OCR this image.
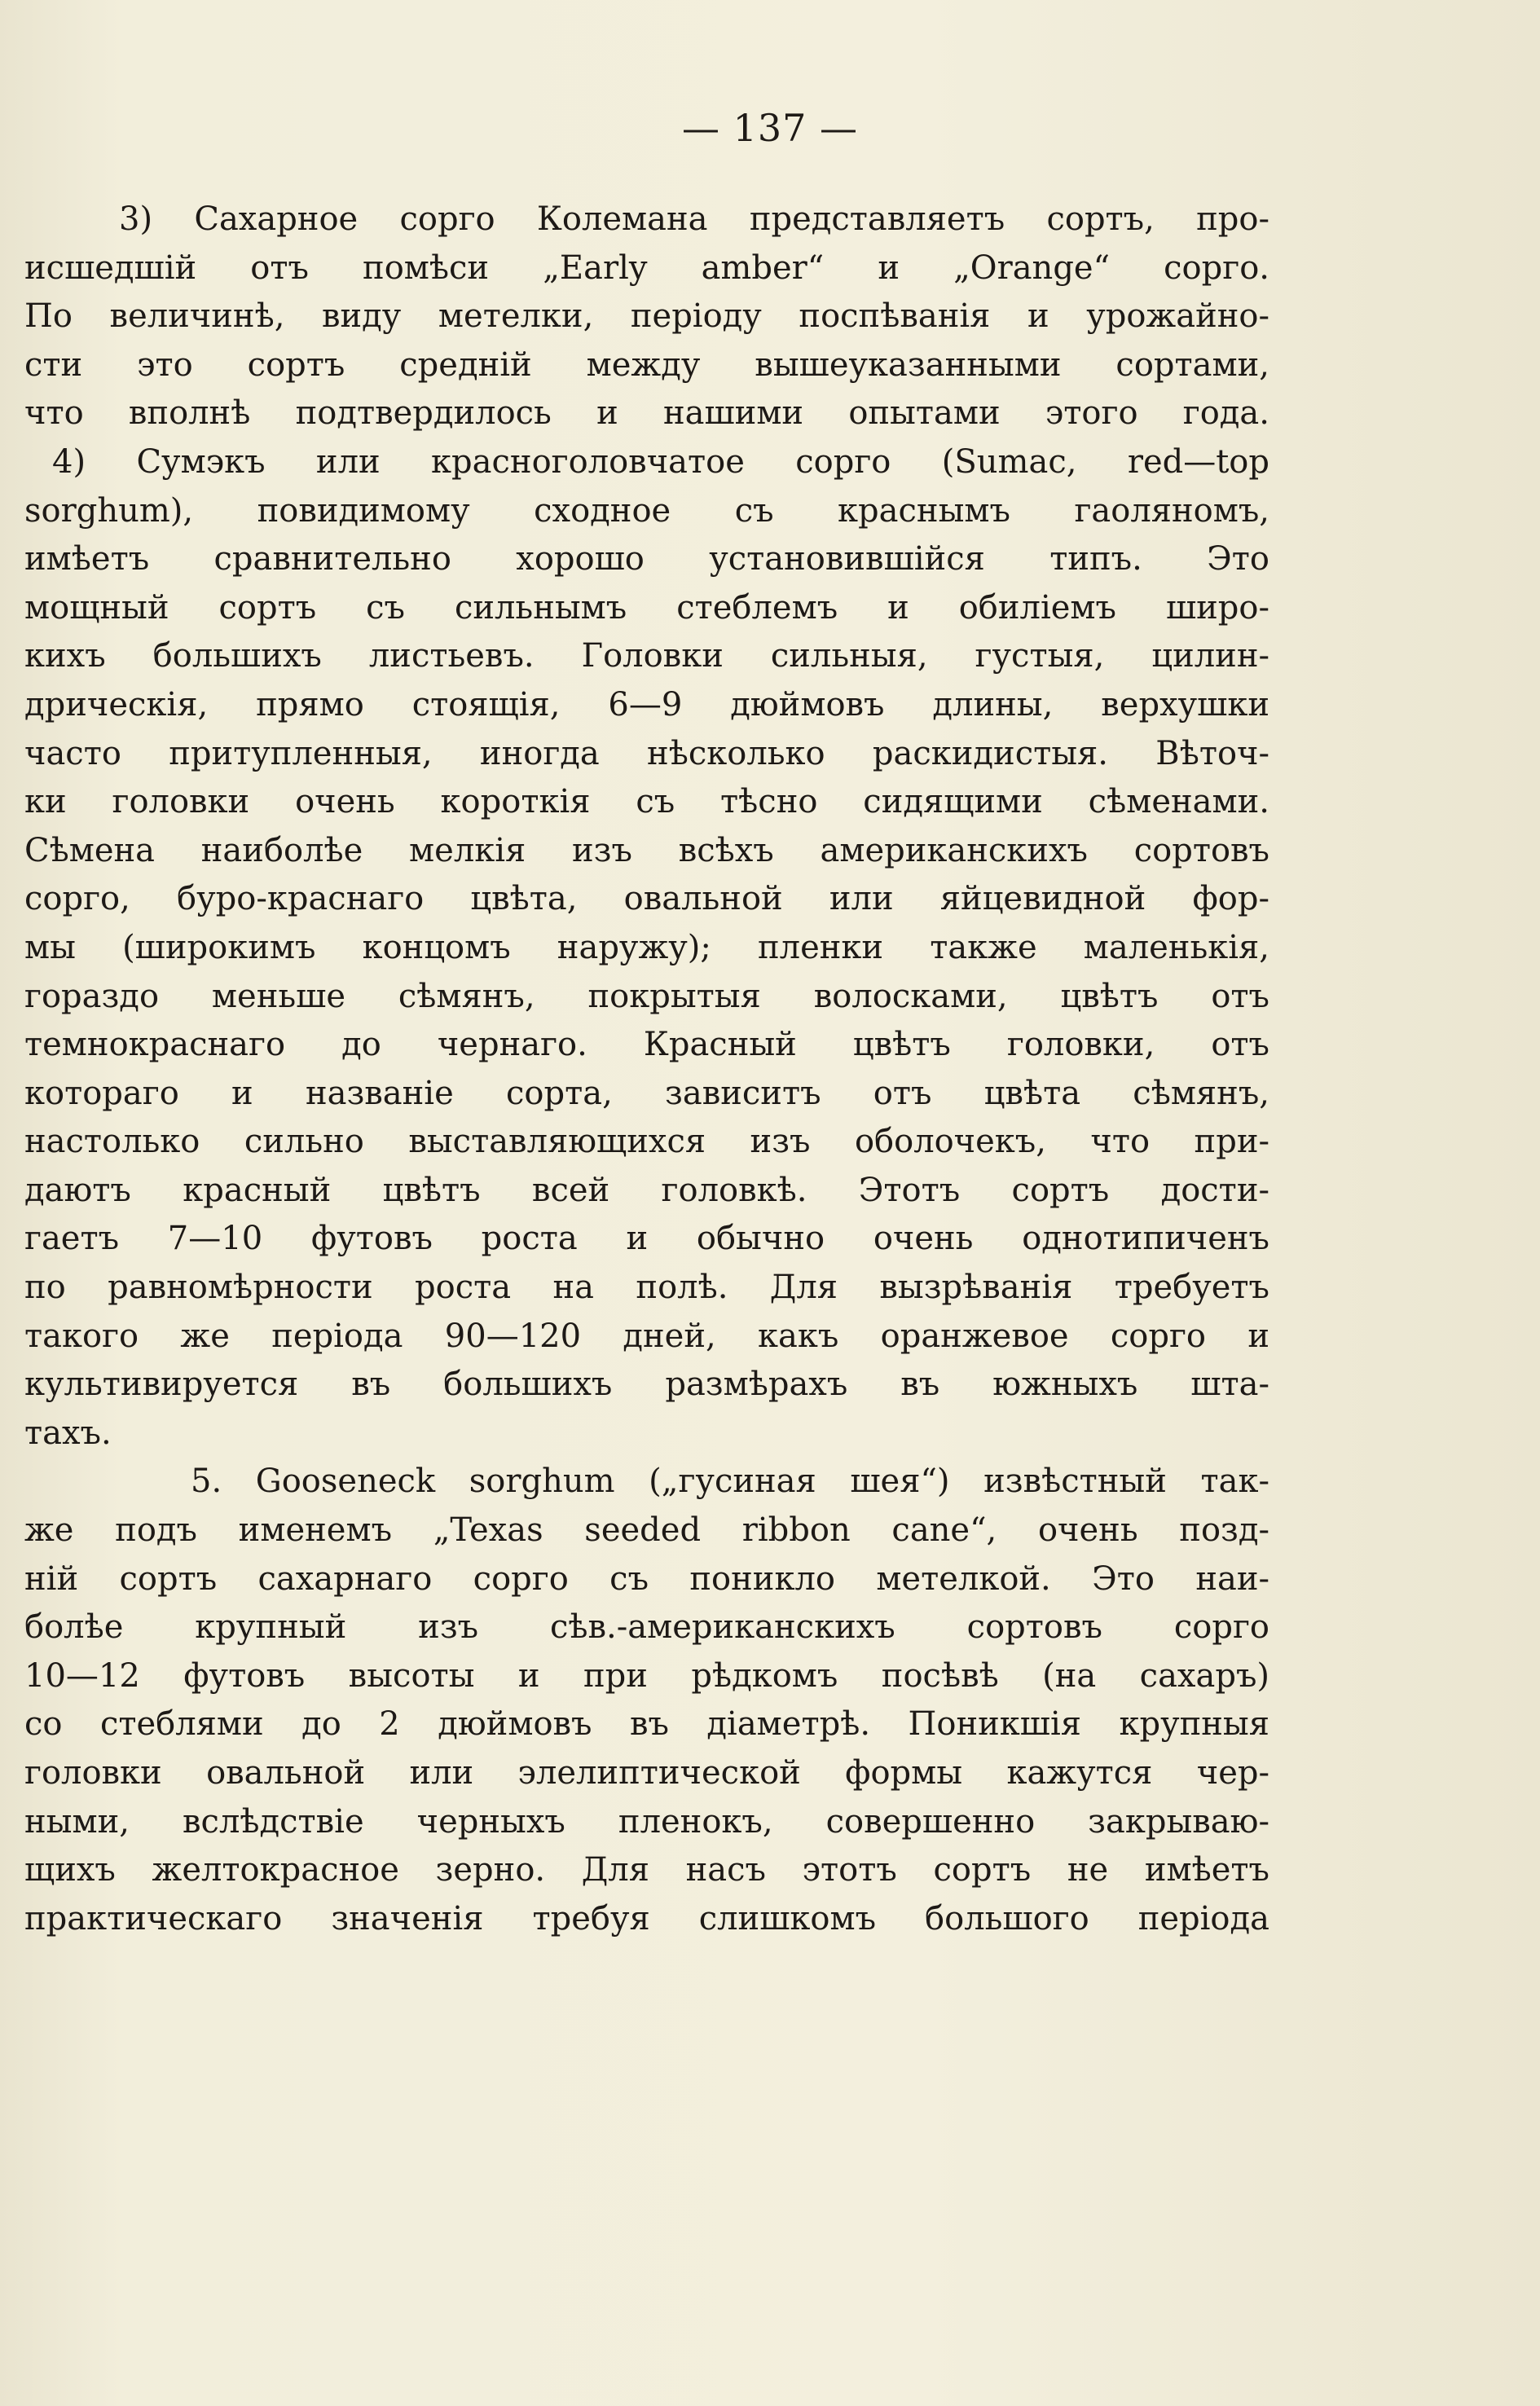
— 137 —
3) Сахарное сорго Колемана представляетъ сортъ, про-
исшедшiй отъ помѣси „Early amber“ и „Orange“ сорго.
По величинѣ, виду метелки, перiоду поспѣванiя и урожайно-
сти это сортъ среднiй между вышеуказанными сортами,
что вполнѣ подтвердилось и нашими опытами этого года.
4) Сумэкъ или красноголовчатое сорго (Sumac, red—top
sorghum), повидимому сходное съ краснымъ гаоляномъ,
имѣетъ сравнительно хорошо установившiйся типъ. Это
мощный сортъ съ сильнымъ стеблемъ и обилiемъ широ-
кихъ большихъ листьевъ. Головки сильныя, густыя, цилин-
дрическiя, прямо стоящiя, 6—9 дюймовъ длины, верхушки
часто притупленныя, иногда нѣсколько раскидистыя. Вѣточ-
ки головки очень короткiя съ тѣсно сидящими сѣменами.
Сѣмена наиболѣе мелкiя изъ всѣхъ американскихъ сортовъ
сорго, буро-краснаго цвѣта, овальной или яйцевидной фор-
мы (широкимъ концомъ наружу); пленки также маленькiя,
гораздо меньше сѣмянъ, покрытыя волосками, цвѣтъ отъ
темнокраснаго до чернаго. Красный цвѣтъ головки, отъ
котораго и названiе сорта, зависитъ отъ цвѣта сѣмянъ,
настолько сильно выставляющихся изъ оболочекъ, что при-
даютъ красный цвѣтъ всей головкѣ. Этотъ сортъ дости-
гаетъ 7—10 футовъ роста и обычно очень однотипиченъ
по равномѣрности роста на полѣ. Для вызрѣванiя требуетъ
такого же перiода 90—120 дней, какъ оранжевое сорго и
культивируется въ большихъ размѣрахъ въ южныхъ шта-
тахъ.
5. Gooseneck sorghum („гусиная шея“) извѣстный так-
же подъ именемъ „Texas seeded ribbon cane“, очень позд-
нiй сортъ сахарнаго сорго съ поникло метелкой. Это наи-
болѣе крупный изъ сѣв.-американскихъ сортовъ сорго
10—12 футовъ высоты и при рѣдкомъ посѣвѣ (на сахаръ)
со стеблями до 2 дюймовъ въ дiаметрѣ. Поникшiя крупныя
головки овальной или элелиптической формы кажутся чер-
ными, вслѣдствiе черныхъ пленокъ, совершенно закрываю-
щихъ желтокрасное зерно. Для насъ этотъ сортъ не имѣетъ
практическаго значенiя требуя слишкомъ большого перiода
